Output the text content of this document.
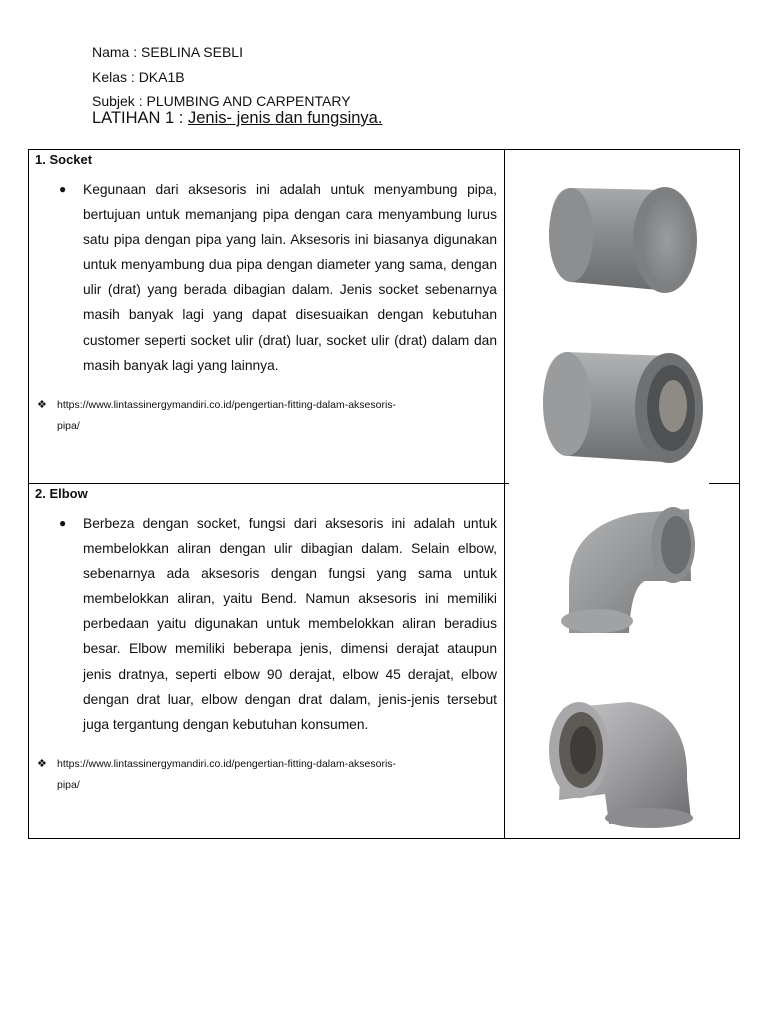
Nama : SEBLINA SEBLI
Kelas : DKA1B
Subjek : PLUMBING AND CARPENTARY
LATIHAN 1 : Jenis- jenis dan fungsinya.
1. Socket
● Kegunaan dari aksesoris ini adalah untuk menyambung pipa, bertujuan untuk memanjang pipa dengan cara menyambung lurus satu pipa dengan pipa yang lain. Aksesoris ini biasanya digunakan untuk menyambung dua pipa dengan diameter yang sama, dengan ulir (drat) yang berada dibagian dalam. Jenis socket sebenarnya masih banyak lagi yang dapat disesuaikan dengan kebutuhan customer seperti socket ulir (drat) luar, socket ulir (drat) dalam dan masih banyak lagi yang lainnya.
❖ https://www.lintassinergymandiri.co.id/pengertian-fitting-dalam-aksesoris-
pipa/
2. Elbow
● Berbeza dengan socket, fungsi dari aksesoris ini adalah untuk membelokkan aliran dengan ulir dibagian dalam. Selain elbow, sebenarnya ada aksesoris dengan fungsi yang sama untuk membelokkan aliran, yaitu Bend. Namun aksesoris ini memiliki perbedaan yaitu digunakan untuk membelokkan aliran beradius besar. Elbow memiliki beberapa jenis, dimensi derajat ataupun jenis dratnya, seperti elbow 90 derajat, elbow 45 derajat, elbow dengan drat luar, elbow dengan drat dalam, jenis-jenis tersebut juga tergantung dengan kebutuhan konsumen.
❖ https://www.lintassinergymandiri.co.id/pengertian-fitting-dalam-aksesoris-
pipa/
